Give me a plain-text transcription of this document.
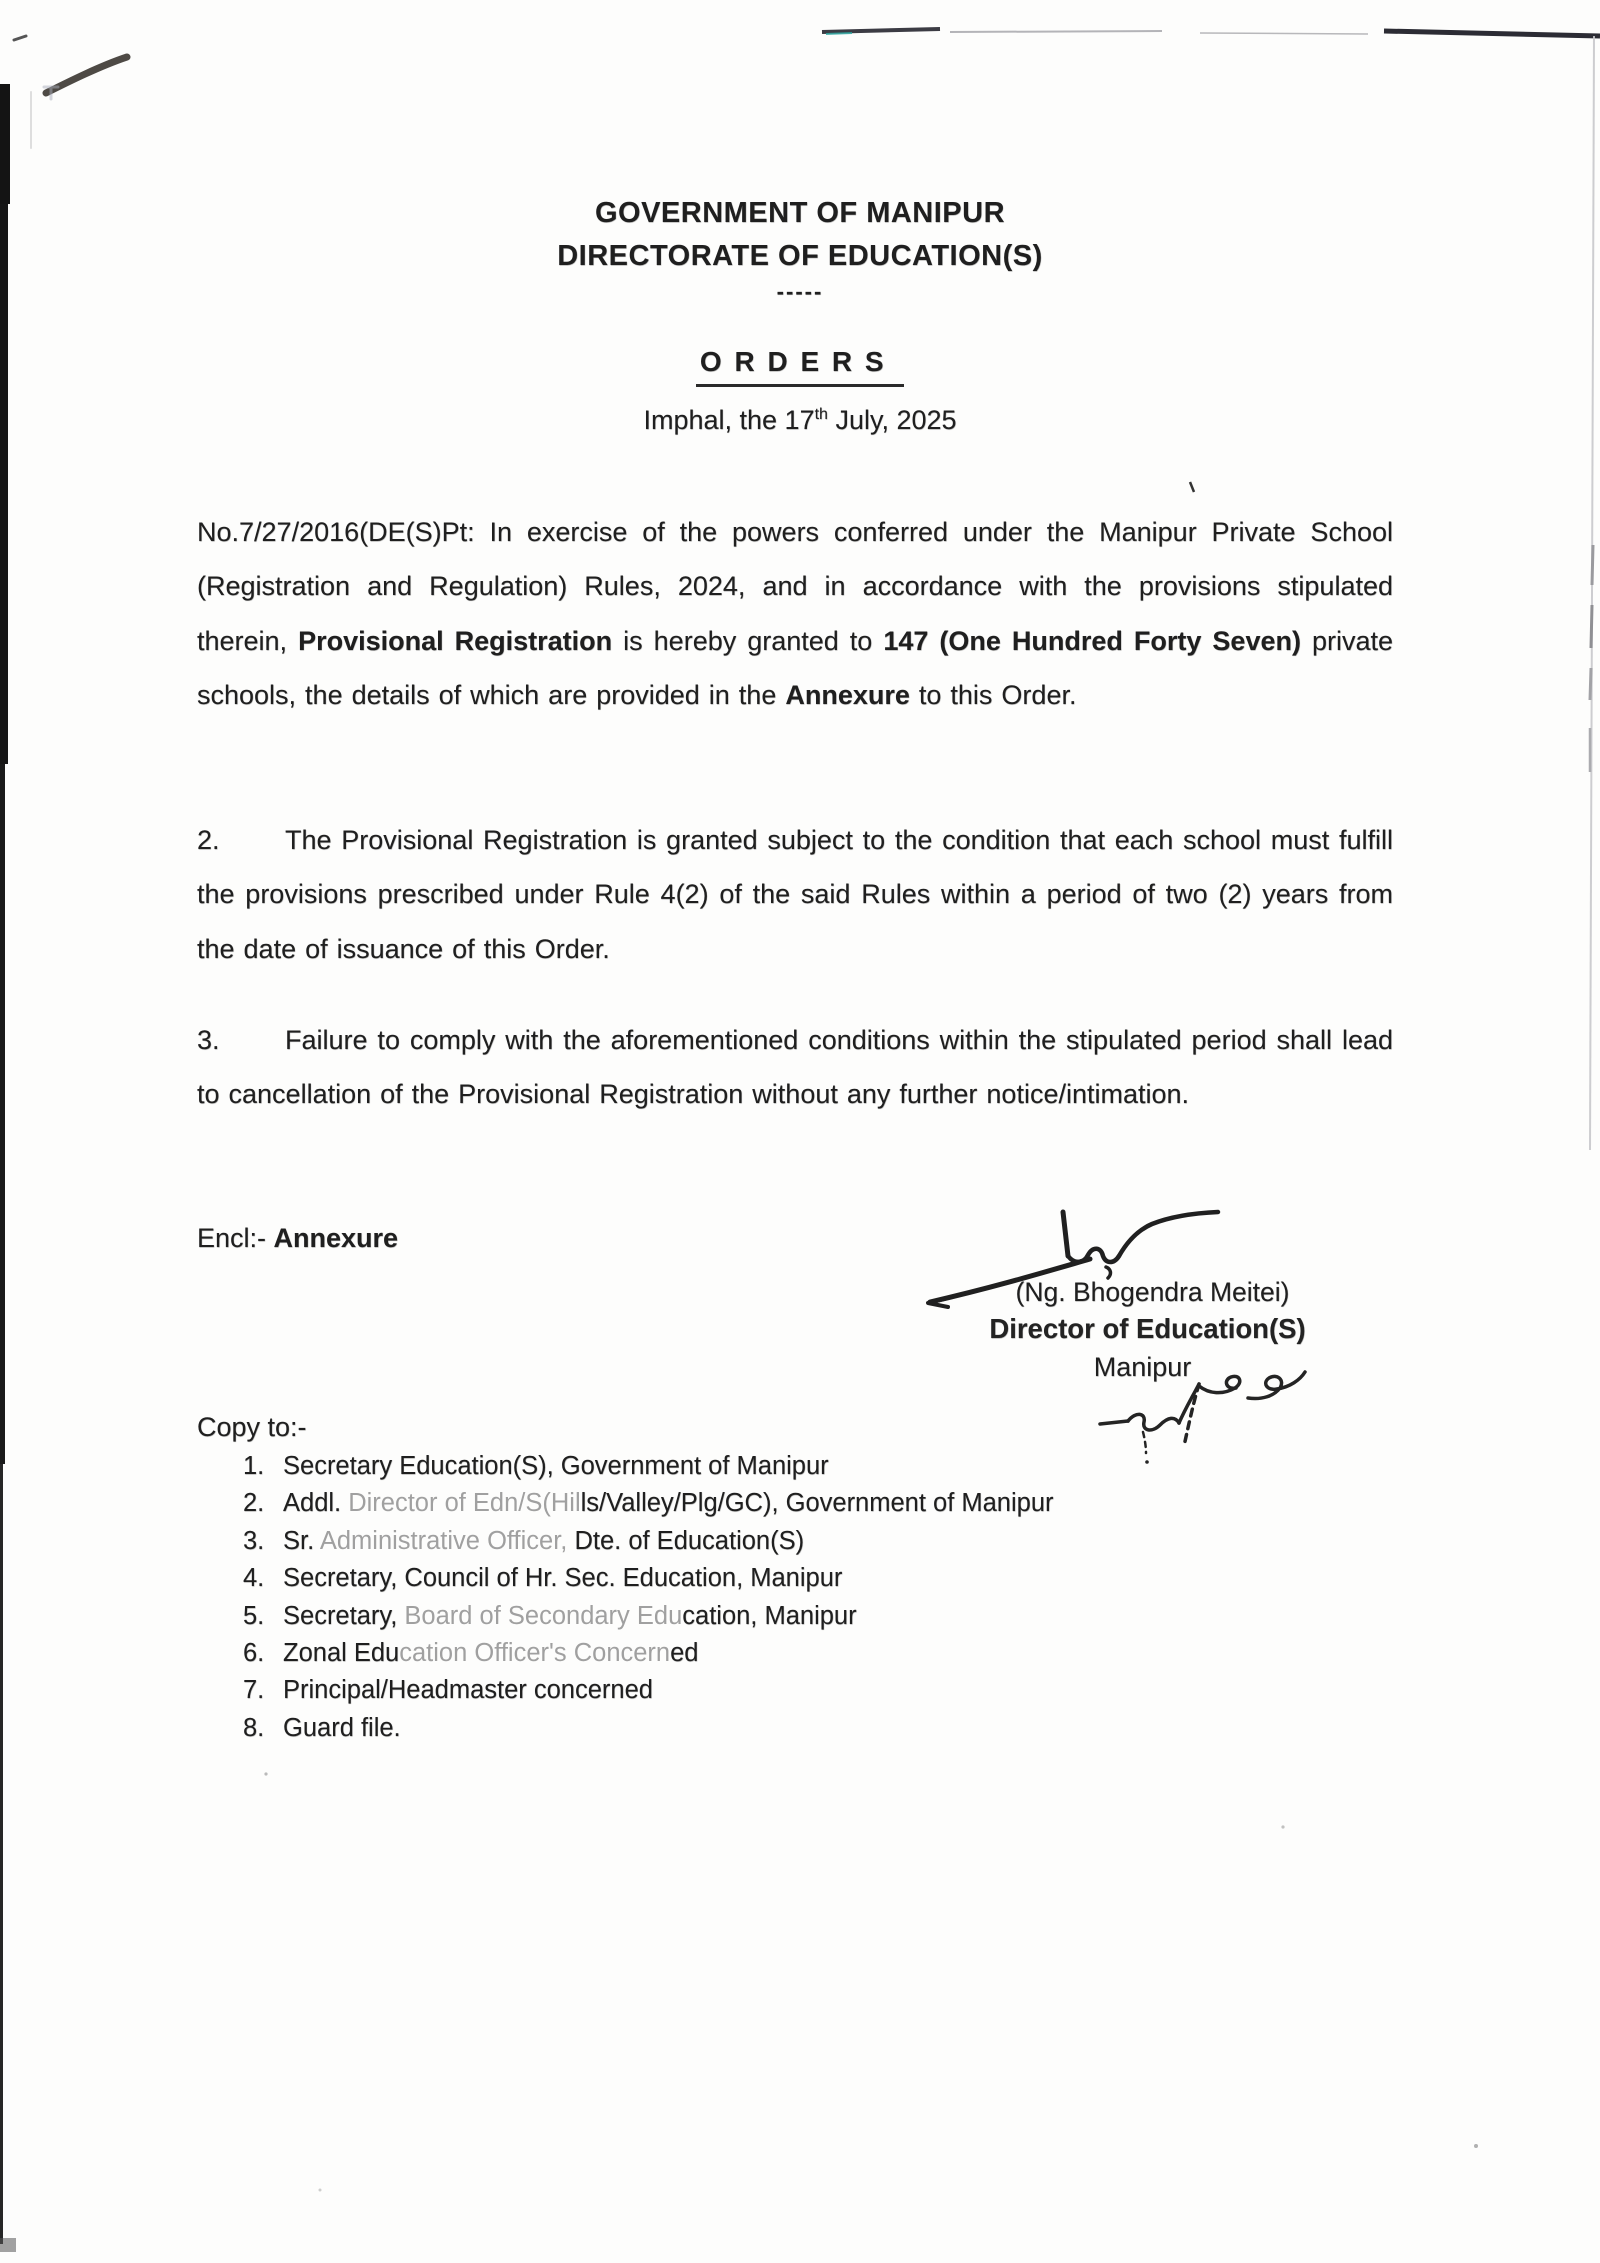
GOVERNMENT OF MANIPUR
DIRECTORATE OF EDUCATION(S)
-----
O R D E R S
Imphal, the 17th July, 2025

No.7/27/2016(DE(S)Pt: In exercise of the powers conferred under the Manipur Private School (Registration and Regulation) Rules, 2024, and in accordance with the provisions stipulated therein, Provisional Registration is hereby granted to 147 (One Hundred Forty Seven) private schools, the details of which are provided in the Annexure to this Order.

2. The Provisional Registration is granted subject to the condition that each school must fulfill the provisions prescribed under Rule 4(2) of the said Rules within a period of two (2) years from the date of issuance of this Order.

3. Failure to comply with the aforementioned conditions within the stipulated period shall lead to cancellation of the Provisional Registration without any further notice/intimation.

Encl:- Annexure

(Ng. Bhogendra Meitei)
Director of Education(S)
Manipur
Copy to:-
1. Secretary Education(S), Government of Manipur
2. Addl. Director of Edn/S(Hills/Valley/Plg/GC), Government of Manipur
3. Sr. Administrative Officer, Dte. of Education(S)
4. Secretary, Council of Hr. Sec. Education, Manipur
5. Secretary, Board of Secondary Education, Manipur
6. Zonal Education Officer's Concerned
7. Principal/Headmaster concerned
8. Guard file.
